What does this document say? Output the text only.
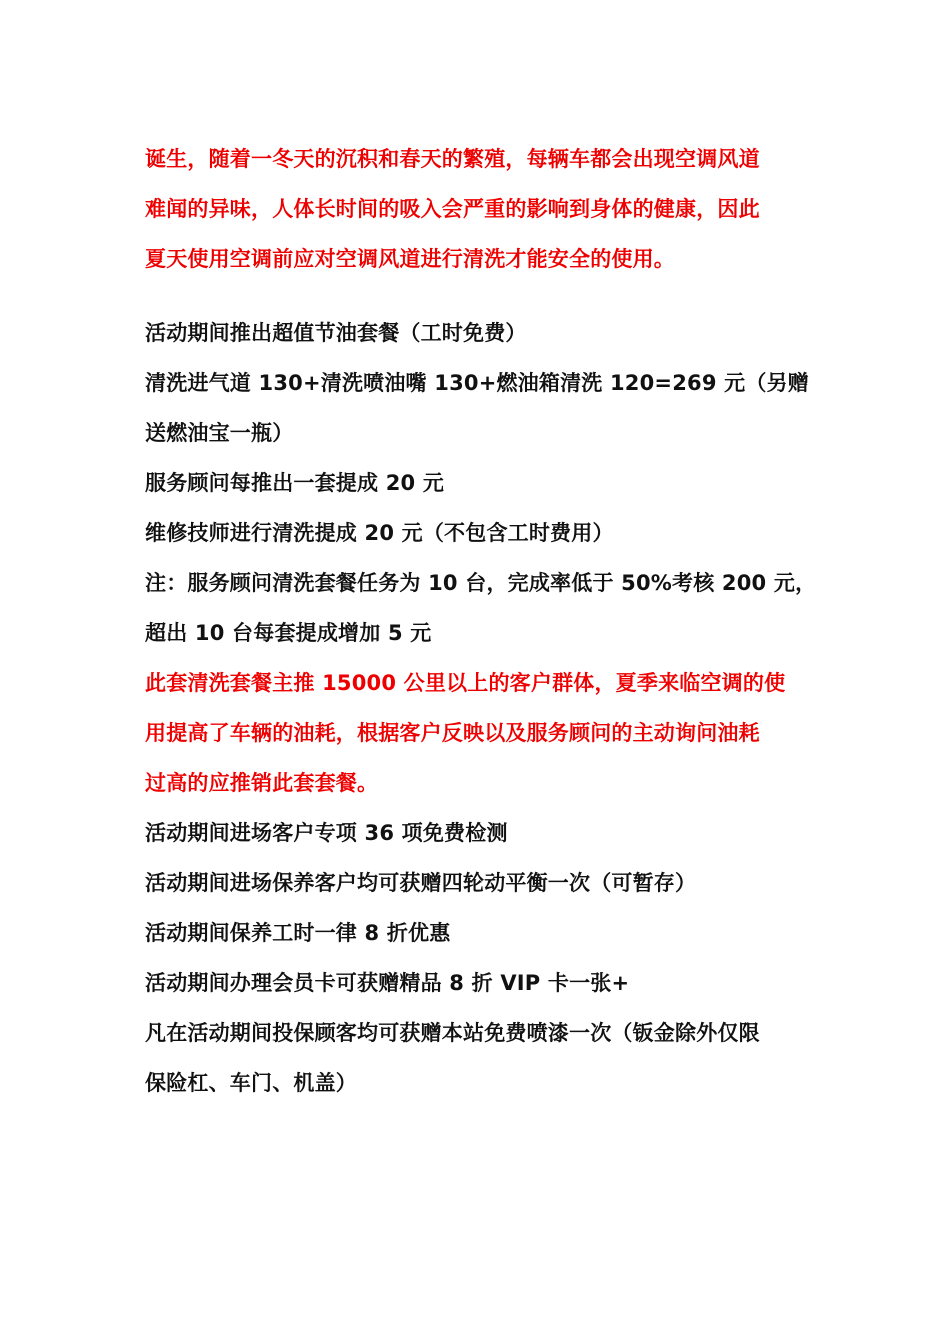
诞生，随着一冬天的沉积和春天的繁殖，每辆车都会出现空调风道
难闻的异味，人体长时间的吸入会严重的影响到身体的健康，因此
夏天使用空调前应对空调风道进行清洗才能安全的使用。
活动期间推出超值节油套餐（工时免费）
清洗进气道 130+清洗喷油嘴 130+燃油箱清洗 120=269 元（另赠
送燃油宝一瓶）
服务顾问每推出一套提成 20 元
维修技师进行清洗提成 20 元（不包含工时费用）
注：服务顾问清洗套餐任务为 10 台，完成率低于 50%考核 200 元，
超出 10 台每套提成增加 5 元
此套清洗套餐主推 15000 公里以上的客户群体，夏季来临空调的使
用提高了车辆的油耗，根据客户反映以及服务顾问的主动询问油耗
过高的应推销此套套餐。
活动期间进场客户专项 36 项免费检测
活动期间进场保养客户均可获赠四轮动平衡一次（可暂存）
活动期间保养工时一律 8 折优惠
活动期间办理会员卡可获赠精品 8 折 VIP 卡一张+
凡在活动期间投保顾客均可获赠本站免费喷漆一次（钣金除外仅限
保险杠、车门、机盖）
